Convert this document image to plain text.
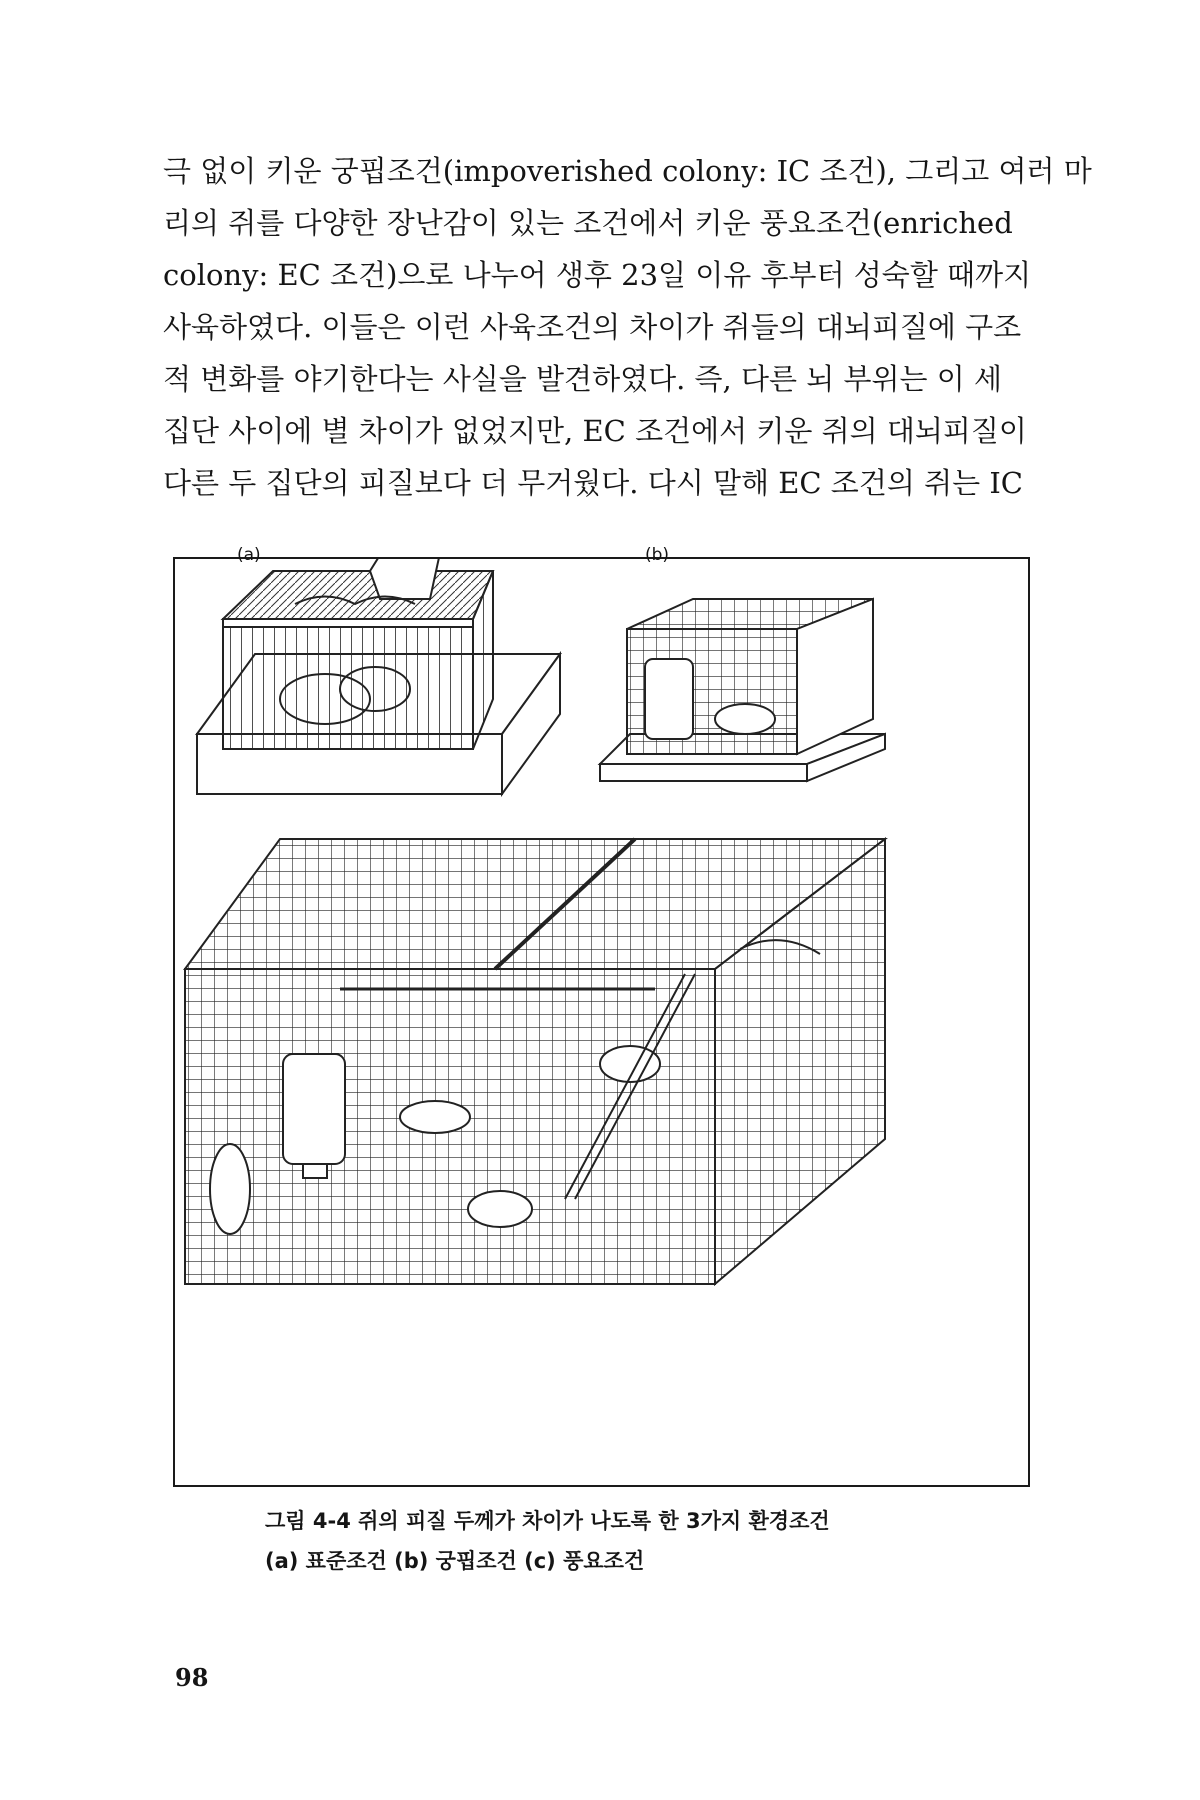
극 없이 키운 궁핍조건(impoverished colony: IC 조건), 그리고 여러 마
리의 쥐를 다양한 장난감이 있는 조건에서 키운 풍요조건(enriched
colony: EC 조건)으로 나누어 생후 23일 이유 후부터 성숙할 때까지
사육하였다. 이들은 이런 사육조건의 차이가 쥐들의 대뇌피질에 구조
적 변화를 야기한다는 사실을 발견하였다. 즉, 다른 뇌 부위는 이 세
집단 사이에 별 차이가 없었지만, EC 조건에서 키운 쥐의 대뇌피질이
다른 두 집단의 피질보다 더 무거웠다. 다시 말해 EC 조건의 쥐는 IC
(a)	(b)
그림 4-4 쥐의 피질 두께가 차이가 나도록 한 3가지 환경조건
(a) 표준조건 (b) 궁핍조건 (c) 풍요조건
98
